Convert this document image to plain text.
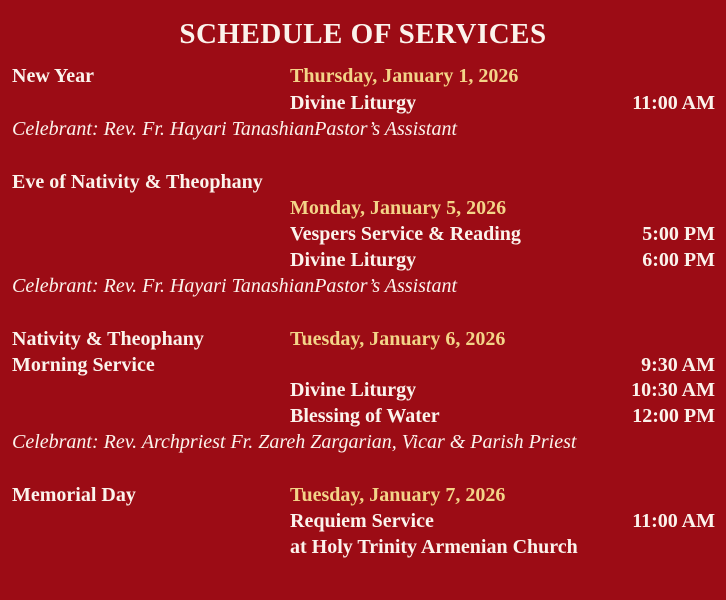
SCHEDULE OF SERVICES
New Year	Thursday, January 1, 2026
Divine Liturgy	11:00 AM
Celebrant: Rev. Fr. Hayari TanashianPastor’s Assistant
Eve of Nativity & Theophany
Monday, January 5, 2026
Vespers Service & Reading	5:00 PM
Divine Liturgy	6:00 PM
Celebrant: Rev. Fr. Hayari TanashianPastor’s Assistant
Nativity & Theophany	Tuesday, January 6, 2026
Morning Service	9:30 AM
Divine Liturgy	10:30 AM
Blessing of Water	12:00 PM
Celebrant: Rev. Archpriest Fr. Zareh Zargarian, Vicar & Parish Priest
Memorial Day	Tuesday, January 7, 2026
Requiem Service	11:00 AM
at Holy Trinity Armenian Church
